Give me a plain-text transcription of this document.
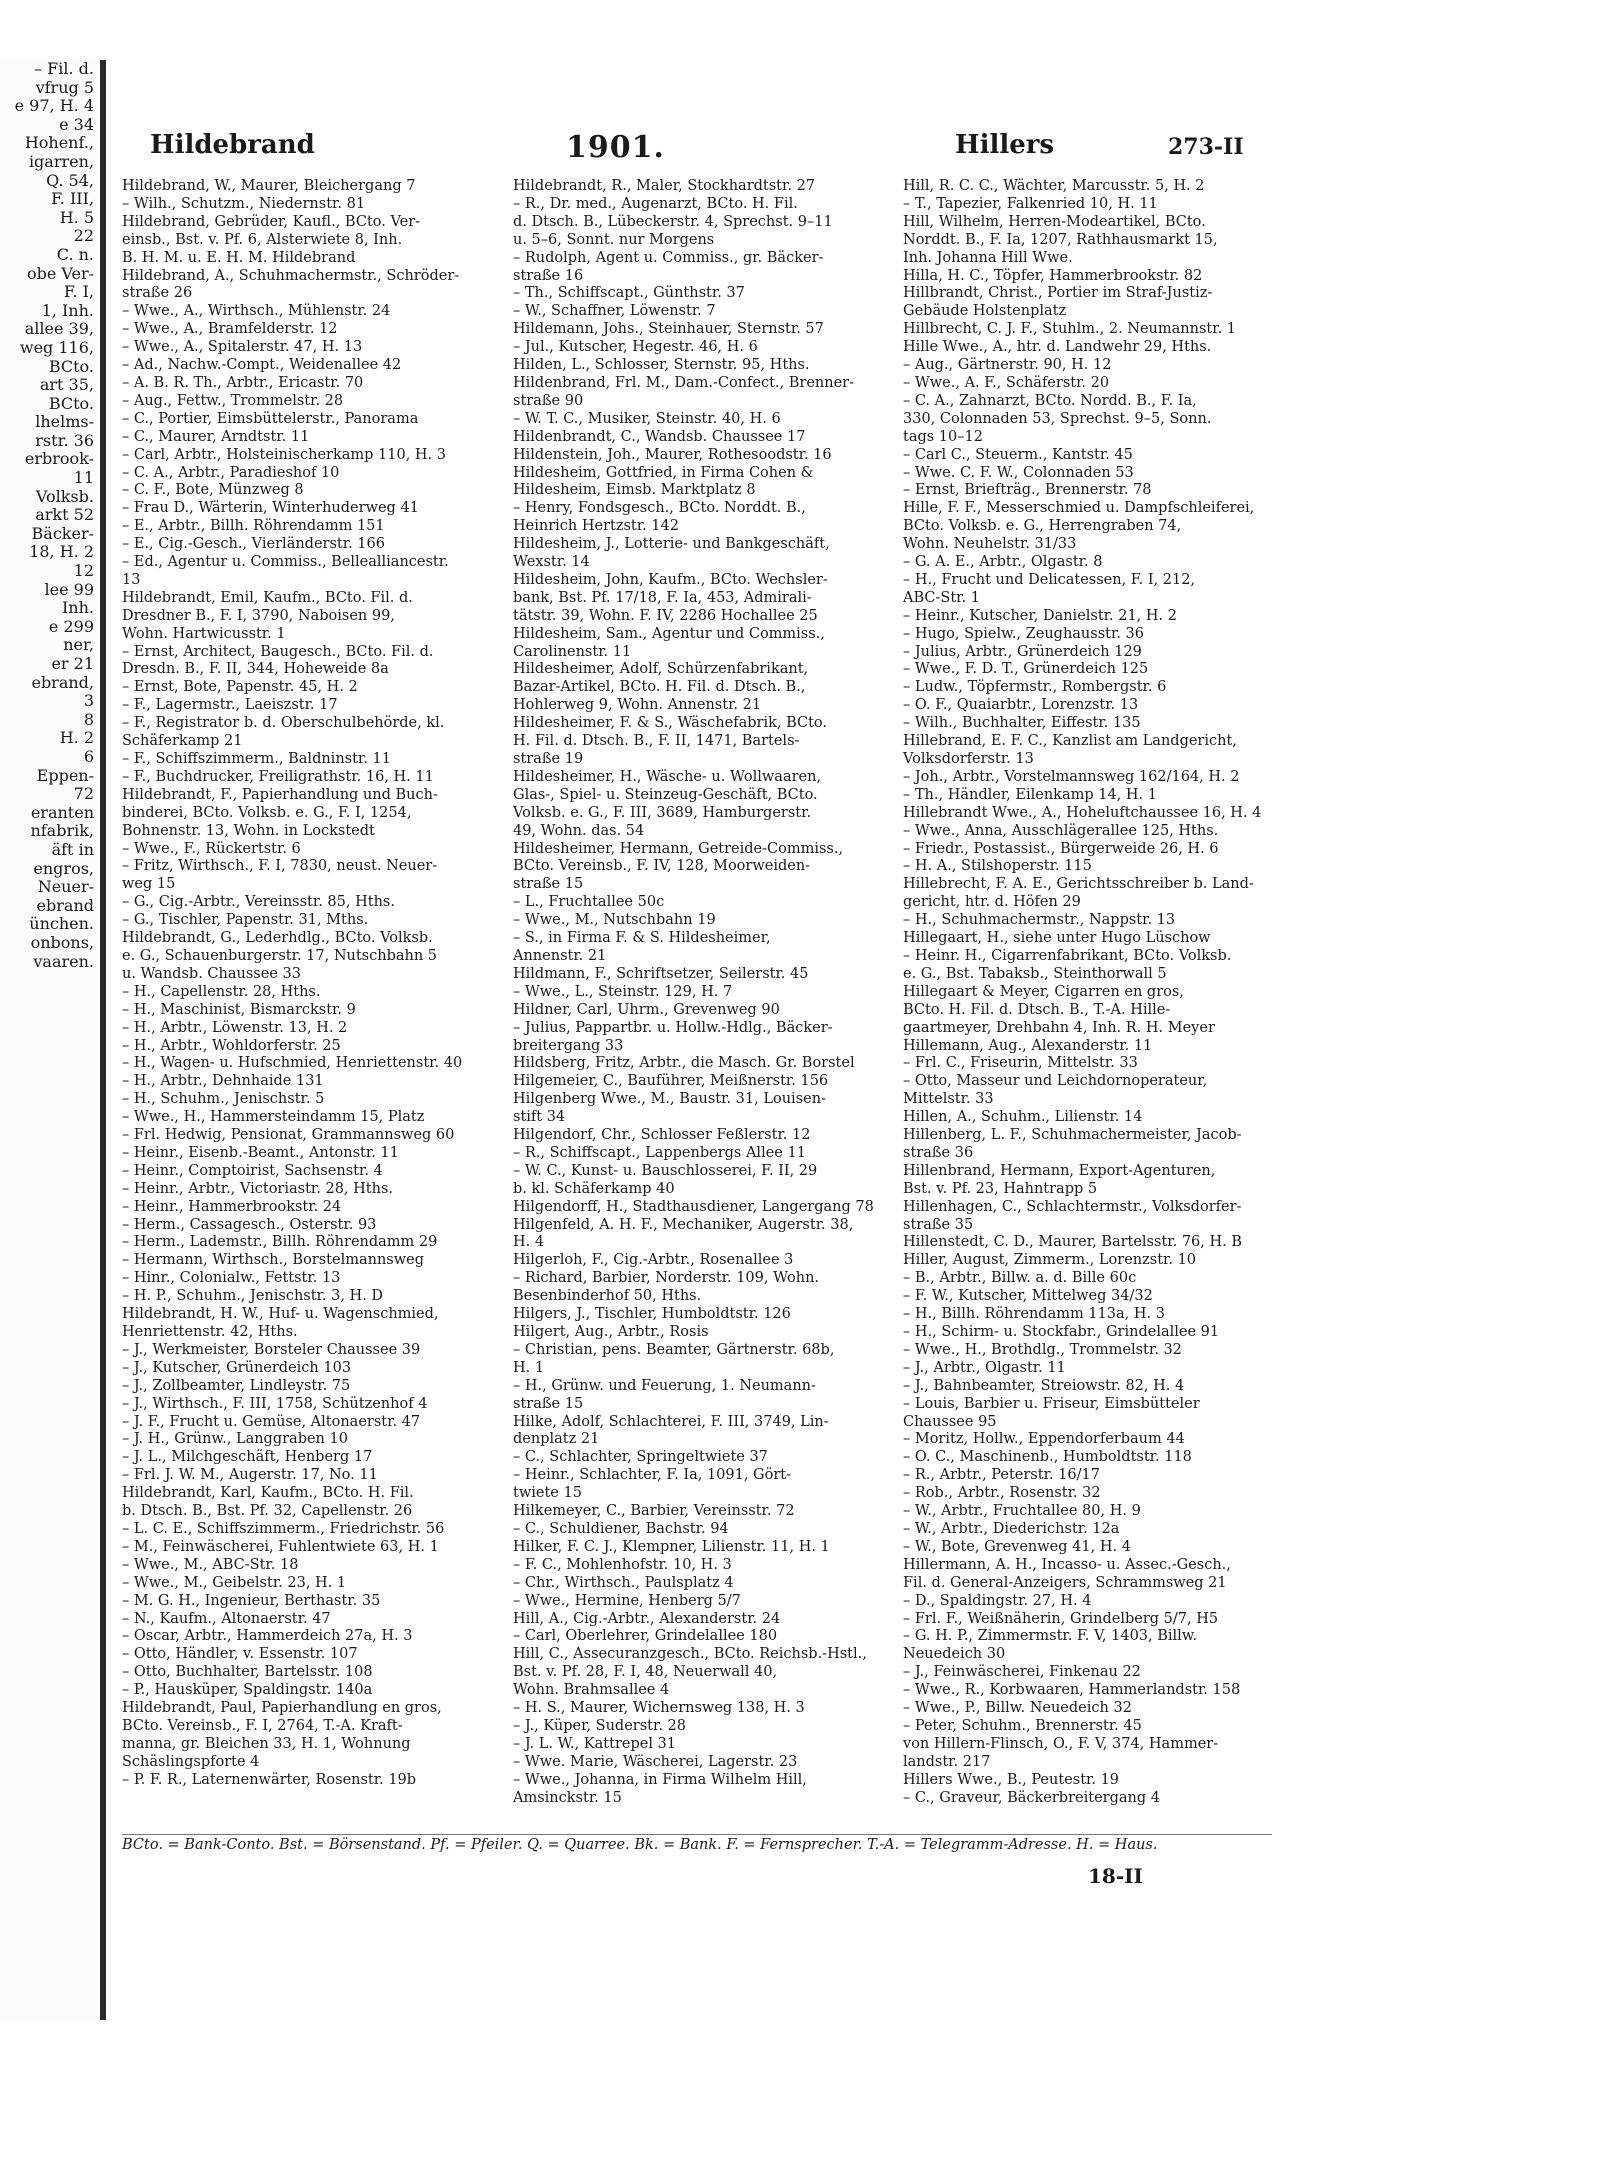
– Fil. d.
vfrug 5
e 97, H. 4
e 34
Hohenf.,
igarren,
Q. 54,
F. III,
H. 5
22
C. n.
obe Ver-
F. I,
1, Inh.
allee 39,
weg 116,
BCto.
art 35,
BCto.
lhelms-
rstr. 36
erbrook-
11
Volksb.
arkt 52
Bäcker-
18, H. 2
12
lee 99
Inh.
e 299
ner,
er 21
ebrand,
3
8
H. 2
6
Eppen-
72
eranten
nfabrik,
äft in
engros,
Neuer-
ebrand
ünchen.
onbons,
vaaren.
Hildebrand	1901.	Hillers	273-II
Hildebrand, W., Maurer, Bleichergang 7
– Wilh., Schutzm., Niedernstr. 81
Hildebrand, Gebrüder, Kaufl., BCto. Ver-
einsb., Bst. v. Pf. 6, Alsterwiete 8, Inh.
B. H. M. u. E. H. M. Hildebrand
Hildebrand, A., Schuhmachermstr., Schröder-
straße 26
– Wwe., A., Wirthsch., Mühlenstr. 24
– Wwe., A., Bramfelderstr. 12
– Wwe., A., Spitalerstr. 47, H. 13
– Ad., Nachw.-Compt., Weidenallee 42
– A. B. R. Th., Arbtr., Ericastr. 70
– Aug., Fettw., Trommelstr. 28
– C., Portier, Eimsbüttelerstr., Panorama
– C., Maurer, Arndtstr. 11
– Carl, Arbtr., Holsteinischerkamp 110, H. 3
– C. A., Arbtr., Paradieshof 10
– C. F., Bote, Münzweg 8
– Frau D., Wärterin, Winterhuderweg 41
– E., Arbtr., Billh. Röhrendamm 151
– E., Cig.-Gesch., Vierländerstr. 166
– Ed., Agentur u. Commiss., Bellealliancestr.
13
Hildebrandt, Emil, Kaufm., BCto. Fil. d.
Dresdner B., F. I, 3790, Naboisen 99,
Wohn. Hartwicusstr. 1
– Ernst, Architect, Baugesch., BCto. Fil. d.
Dresdn. B., F. II, 344, Hoheweide 8a
– Ernst, Bote, Papenstr. 45, H. 2
– F., Lagermstr., Laeiszstr. 17
– F., Registrator b. d. Oberschulbehörde, kl.
Schäferkamp 21
– F., Schiffszimmerm., Baldninstr. 11
– F., Buchdrucker, Freiligrathstr. 16, H. 11
Hildebrandt, F., Papierhandlung und Buch-
binderei, BCto. Volksb. e. G., F. I, 1254,
Bohnenstr. 13, Wohn. in Lockstedt
– Wwe., F., Rückertstr. 6
– Fritz, Wirthsch., F. I, 7830, neust. Neuer-
weg 15
– G., Cig.-Arbtr., Vereinsstr. 85, Hths.
– G., Tischler, Papenstr. 31, Mths.
Hildebrandt, G., Lederhdlg., BCto. Volksb.
e. G., Schauenburgerstr. 17, Nutschbahn 5
u. Wandsb. Chaussee 33
– H., Capellenstr. 28, Hths.
– H., Maschinist, Bismarckstr. 9
– H., Arbtr., Löwenstr. 13, H. 2
– H., Arbtr., Wohldorferstr. 25
– H., Wagen- u. Hufschmied, Henriettenstr. 40
– H., Arbtr., Dehnhaide 131
– H., Schuhm., Jenischstr. 5
– Wwe., H., Hammersteindamm 15, Platz
– Frl. Hedwig, Pensionat, Grammannsweg 60
– Heinr., Eisenb.-Beamt., Antonstr. 11
– Heinr., Comptoirist, Sachsenstr. 4
– Heinr., Arbtr., Victoriastr. 28, Hths.
– Heinr., Hammerbrookstr. 24
– Herm., Cassagesch., Osterstr. 93
– Herm., Lademstr., Billh. Röhrendamm 29
– Hermann, Wirthsch., Borstelmannsweg
– Hinr., Colonialw., Fettstr. 13
– H. P., Schuhm., Jenischstr. 3, H. D
Hildebrandt, H. W., Huf- u. Wagenschmied,
Henriettenstr. 42, Hths.
– J., Werkmeister, Borsteler Chaussee 39
– J., Kutscher, Grünerdeich 103
– J., Zollbeamter, Lindleystr. 75
– J., Wirthsch., F. III, 1758, Schützenhof 4
– J. F., Frucht u. Gemüse, Altonaerstr. 47
– J. H., Grünw., Langgraben 10
– J. L., Milchgeschäft, Henberg 17
– Frl. J. W. M., Augerstr. 17, No. 11
Hildebrandt, Karl, Kaufm., BCto. H. Fil.
b. Dtsch. B., Bst. Pf. 32, Capellenstr. 26
– L. C. E., Schiffszimmerm., Friedrichstr. 56
– M., Feinwäscherei, Fuhlentwiete 63, H. 1
– Wwe., M., ABC-Str. 18
– Wwe., M., Geibelstr. 23, H. 1
– M. G. H., Ingenieur, Berthastr. 35
– N., Kaufm., Altonaerstr. 47
– Oscar, Arbtr., Hammerdeich 27a, H. 3
– Otto, Händler, v. Essenstr. 107
– Otto, Buchhalter, Bartelsstr. 108
– P., Hausküper, Spaldingstr. 140a
Hildebrandt, Paul, Papierhandlung en gros,
BCto. Vereinsb., F. I, 2764, T.-A. Kraft-
manna, gr. Bleichen 33, H. 1, Wohnung
Schäslingspforte 4
– P. F. R., Laternenwärter, Rosenstr. 19b
Hildebrandt, R., Maler, Stockhardtstr. 27
– R., Dr. med., Augenarzt, BCto. H. Fil.
d. Dtsch. B., Lübeckerstr. 4, Sprechst. 9–11
u. 5–6, Sonnt. nur Morgens
– Rudolph, Agent u. Commiss., gr. Bäcker-
straße 16
– Th., Schiffscapt., Günthstr. 37
– W., Schaffner, Löwenstr. 7
Hildemann, Johs., Steinhauer, Sternstr. 57
– Jul., Kutscher, Hegestr. 46, H. 6
Hilden, L., Schlosser, Sternstr. 95, Hths.
Hildenbrand, Frl. M., Dam.-Confect., Brenner-
straße 90
– W. T. C., Musiker, Steinstr. 40, H. 6
Hildenbrandt, C., Wandsb. Chaussee 17
Hildenstein, Joh., Maurer, Rothesoodstr. 16
Hildesheim, Gottfried, in Firma Cohen &
Hildesheim, Eimsb. Marktplatz 8
– Henry, Fondsgesch., BCto. Norddt. B.,
Heinrich Hertzstr. 142
Hildesheim, J., Lotterie- und Bankgeschäft,
Wexstr. 14
Hildesheim, John, Kaufm., BCto. Wechsler-
bank, Bst. Pf. 17/18, F. Ia, 453, Admirali-
tätstr. 39, Wohn. F. IV, 2286 Hochallee 25
Hildesheim, Sam., Agentur und Commiss.,
Carolinenstr. 11
Hildesheimer, Adolf, Schürzenfabrikant,
Bazar-Artikel, BCto. H. Fil. d. Dtsch. B.,
Hohlerweg 9, Wohn. Annenstr. 21
Hildesheimer, F. & S., Wäschefabrik, BCto.
H. Fil. d. Dtsch. B., F. II, 1471, Bartels-
straße 19
Hildesheimer, H., Wäsche- u. Wollwaaren,
Glas-, Spiel- u. Steinzeug-Geschäft, BCto.
Volksb. e. G., F. III, 3689, Hamburgerstr.
49, Wohn. das. 54
Hildesheimer, Hermann, Getreide-Commiss.,
BCto. Vereinsb., F. IV, 128, Moorweiden-
straße 15
– L., Fruchtallee 50c
– Wwe., M., Nutschbahn 19
– S., in Firma F. & S. Hildesheimer,
Annenstr. 21
Hildmann, F., Schriftsetzer, Seilerstr. 45
– Wwe., L., Steinstr. 129, H. 7
Hildner, Carl, Uhrm., Grevenweg 90
– Julius, Pappartbr. u. Hollw.-Hdlg., Bäcker-
breitergang 33
Hildsberg, Fritz, Arbtr., die Masch. Gr. Borstel
Hilgemeier, C., Bauführer, Meißnerstr. 156
Hilgenberg Wwe., M., Baustr. 31, Louisen-
stift 34
Hilgendorf, Chr., Schlosser Feßlerstr. 12
– R., Schiffscapt., Lappenbergs Allee 11
– W. C., Kunst- u. Bauschlosserei, F. II, 29
b. kl. Schäferkamp 40
Hilgendorff, H., Stadthausdiener, Langergang 78
Hilgenfeld, A. H. F., Mechaniker, Augerstr. 38,
H. 4
Hilgerloh, F., Cig.-Arbtr., Rosenallee 3
– Richard, Barbier, Norderstr. 109, Wohn.
Besenbinderhof 50, Hths.
Hilgers, J., Tischler, Humboldtstr. 126
Hilgert, Aug., Arbtr., Rosis
– Christian, pens. Beamter, Gärtnerstr. 68b,
H. 1
– H., Grünw. und Feuerung, 1. Neumann-
straße 15
Hilke, Adolf, Schlachterei, F. III, 3749, Lin-
denplatz 21
– C., Schlachter, Springeltwiete 37
– Heinr., Schlachter, F. Ia, 1091, Gört-
twiete 15
Hilkemeyer, C., Barbier, Vereinsstr. 72
– C., Schuldiener, Bachstr. 94
Hilker, F. C. J., Klempner, Lilienstr. 11, H. 1
– F. C., Mohlenhofstr. 10, H. 3
– Chr., Wirthsch., Paulsplatz 4
– Wwe., Hermine, Henberg 5/7
Hill, A., Cig.-Arbtr., Alexanderstr. 24
– Carl, Oberlehrer, Grindelallee 180
Hill, C., Assecuranzgesch., BCto. Reichsb.-Hstl.,
Bst. v. Pf. 28, F. I, 48, Neuerwall 40,
Wohn. Brahmsallee 4
– H. S., Maurer, Wichernsweg 138, H. 3
– J., Küper, Suderstr. 28
– J. L. W., Kattrepel 31
– Wwe. Marie, Wäscherei, Lagerstr. 23
– Wwe., Johanna, in Firma Wilhelm Hill,
Amsinckstr. 15
Hill, R. C. C., Wächter, Marcusstr. 5, H. 2
– T., Tapezier, Falkenried 10, H. 11
Hill, Wilhelm, Herren-Modeartikel, BCto.
Norddt. B., F. Ia, 1207, Rathhausmarkt 15,
Inh. Johanna Hill Wwe.
Hilla, H. C., Töpfer, Hammerbrookstr. 82
Hillbrandt, Christ., Portier im Straf-Justiz-
Gebäude Holstenplatz
Hillbrecht, C. J. F., Stuhlm., 2. Neumannstr. 1
Hille Wwe., A., htr. d. Landwehr 29, Hths.
– Aug., Gärtnerstr. 90, H. 12
– Wwe., A. F., Schäferstr. 20
– C. A., Zahnarzt, BCto. Nordd. B., F. Ia,
330, Colonnaden 53, Sprechst. 9–5, Sonn.
tags 10–12
– Carl C., Steuerm., Kantstr. 45
– Wwe. C. F. W., Colonnaden 53
– Ernst, Briefträg., Brennerstr. 78
Hille, F. F., Messerschmied u. Dampfschleiferei,
BCto. Volksb. e. G., Herrengraben 74,
Wohn. Neuhelstr. 31/33
– G. A. E., Arbtr., Olgastr. 8
– H., Frucht und Delicatessen, F. I, 212,
ABC-Str. 1
– Heinr., Kutscher, Danielstr. 21, H. 2
– Hugo, Spielw., Zeughausstr. 36
– Julius, Arbtr., Grünerdeich 129
– Wwe., F. D. T., Grünerdeich 125
– Ludw., Töpfermstr., Rombergstr. 6
– O. F., Quaiarbtr., Lorenzstr. 13
– Wilh., Buchhalter, Eiffestr. 135
Hillebrand, E. F. C., Kanzlist am Landgericht,
Volksdorferstr. 13
– Joh., Arbtr., Vorstelmannsweg 162/164, H. 2
– Th., Händler, Eilenkamp 14, H. 1
Hillebrandt Wwe., A., Hoheluftchaussee 16, H. 4
– Wwe., Anna, Ausschlägerallee 125, Hths.
– Friedr., Postassist., Bürgerweide 26, H. 6
– H. A., Stilshoperstr. 115
Hillebrecht, F. A. E., Gerichtsschreiber b. Land-
gericht, htr. d. Höfen 29
– H., Schuhmachermstr., Nappstr. 13
Hillegaart, H., siehe unter Hugo Lüschow
– Heinr. H., Cigarrenfabrikant, BCto. Volksb.
e. G., Bst. Tabaksb., Steinthorwall 5
Hillegaart & Meyer, Cigarren en gros,
BCto. H. Fil. d. Dtsch. B., T.-A. Hille-
gaartmeyer, Drehbahn 4, Inh. R. H. Meyer
Hillemann, Aug., Alexanderstr. 11
– Frl. C., Friseurin, Mittelstr. 33
– Otto, Masseur und Leichdornoperateur,
Mittelstr. 33
Hillen, A., Schuhm., Lilienstr. 14
Hillenberg, L. F., Schuhmachermeister, Jacob-
straße 36
Hillenbrand, Hermann, Export-Agenturen,
Bst. v. Pf. 23, Hahntrapp 5
Hillenhagen, C., Schlachtermstr., Volksdorfer-
straße 35
Hillenstedt, C. D., Maurer, Bartelsstr. 76, H. B
Hiller, August, Zimmerm., Lorenzstr. 10
– B., Arbtr., Billw. a. d. Bille 60c
– F. W., Kutscher, Mittelweg 34/32
– H., Billh. Röhrendamm 113a, H. 3
– H., Schirm- u. Stockfabr., Grindelallee 91
– Wwe., H., Brothdlg., Trommelstr. 32
– J., Arbtr., Olgastr. 11
– J., Bahnbeamter, Streiowstr. 82, H. 4
– Louis, Barbier u. Friseur, Eimsbütteler
Chaussee 95
– Moritz, Hollw., Eppendorferbaum 44
– O. C., Maschinenb., Humboldtstr. 118
– R., Arbtr., Peterstr. 16/17
– Rob., Arbtr., Rosenstr. 32
– W., Arbtr., Fruchtallee 80, H. 9
– W., Arbtr., Diederichstr. 12a
– W., Bote, Grevenweg 41, H. 4
Hillermann, A. H., Incasso- u. Assec.-Gesch.,
Fil. d. General-Anzeigers, Schrammsweg 21
– D., Spaldingstr. 27, H. 4
– Frl. F., Weißnäherin, Grindelberg 5/7, H5
– G. H. P., Zimmermstr. F. V, 1403, Billw.
Neuedeich 30
– J., Feinwäscherei, Finkenau 22
– Wwe., R., Korbwaaren, Hammerlandstr. 158
– Wwe., P., Billw. Neuedeich 32
– Peter, Schuhm., Brennerstr. 45
von Hillern-Flinsch, O., F. V, 374, Hammer-
landstr. 217
Hillers Wwe., B., Peutestr. 19
– C., Graveur, Bäckerbreitergang 4
BCto. = Bank-Conto. Bst. = Börsenstand. Pf. = Pfeiler. Q. = Quarree. Bk. = Bank. F. = Fernsprecher. T.-A. = Telegramm-Adresse. H. = Haus.
18-II
